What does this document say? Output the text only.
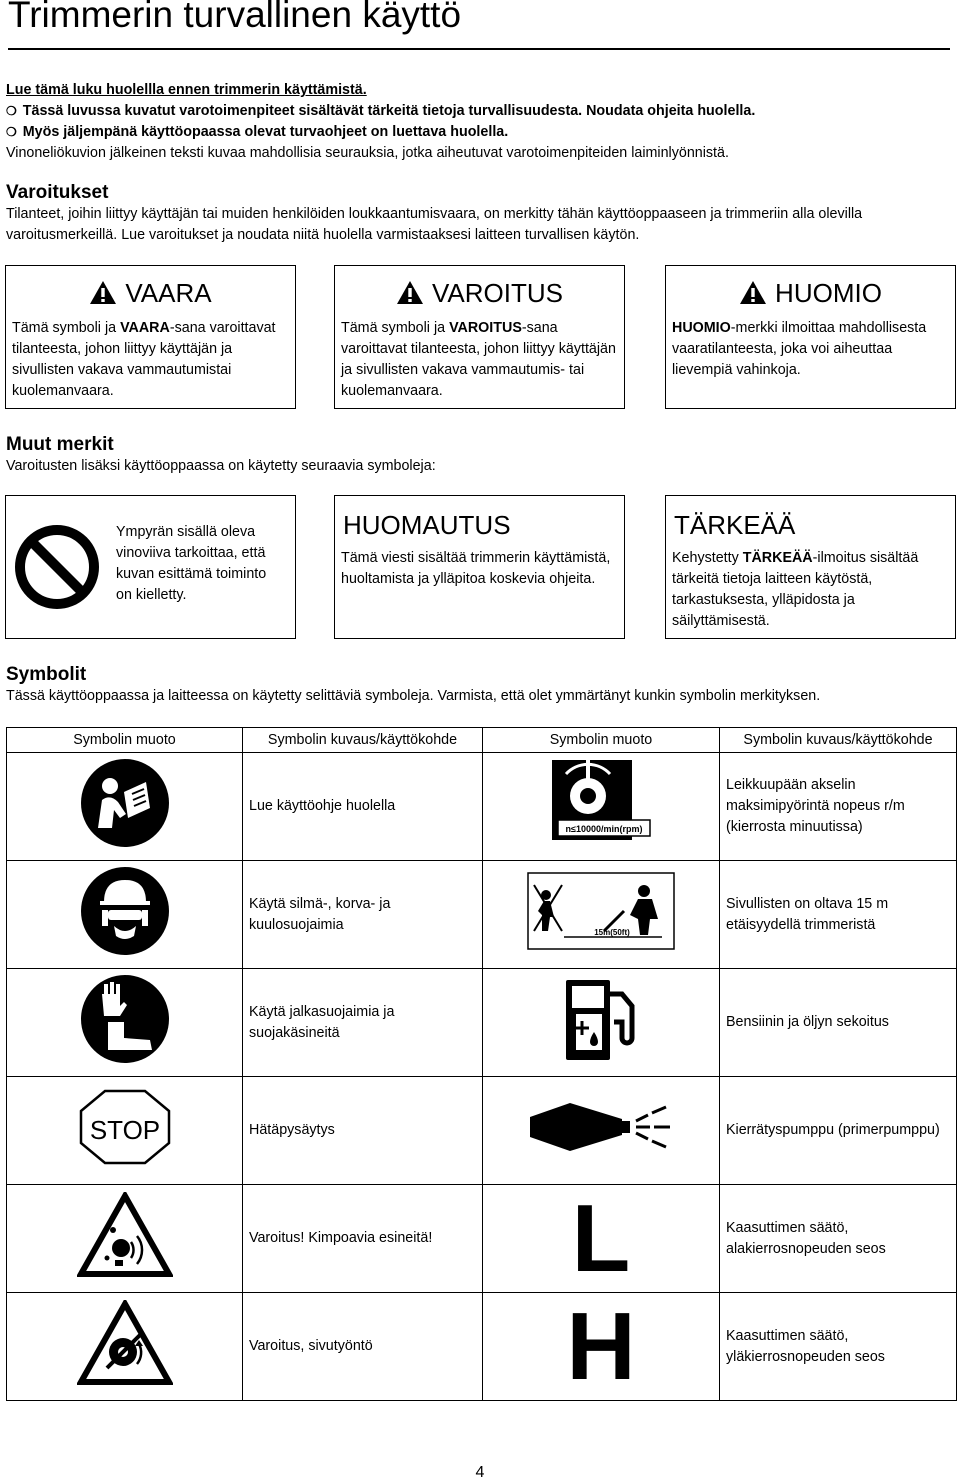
Trimmerin turvallinen käyttö
Lue tämä luku huolellla ennen trimmerin käyttämistä.
❍ Tässä luvussa kuvatut varotoimenpiteet sisältävät tärkeitä tietoja turvallisuudesta. Noudata ohjeita huolella.
❍ Myös jäljempänä käyttöopaassa olevat turvaohjeet on luettava huolella.
Vinoneliökuvion jälkeinen teksti kuvaa mahdollisia seurauksia, jotka aiheutuvat varotoimenpiteiden laiminlyönnistä.
Varoitukset
Tilanteet, joihin liittyy käyttäjän tai muiden henkilöiden loukkaantumisvaara, on merkitty tähän käyttöoppaaseen ja trimmeriin alla olevilla varoitusmerkeillä. Lue varoitukset ja noudata niitä huolella varmistaaksesi laitteen turvallisen käytön.
VAARA
Tämä symboli ja VAARA-sana varoittavat tilanteesta, johon liittyy käyttäjän ja sivullisten vakava vammautumistai kuolemanvaara.
VAROITUS
Tämä symboli ja VAROITUS-sana varoittavat tilanteesta, johon liittyy käyttäjän ja sivullisten vakava vammautumis- tai kuolemanvaara.
HUOMIO
HUOMIO-merkki ilmoittaa mahdollisesta vaaratilanteesta, joka voi aiheuttaa lievempiä vahinkoja.
Muut merkit
Varoitusten lisäksi käyttöoppaassa on käytetty seuraavia symboleja:
Ympyrän sisällä oleva vinoviiva tarkoittaa, että kuvan esittämä toiminto on kielletty.
HUOMAUTUS
Tämä viesti sisältää trimmerin käyttämistä, huoltamista ja ylläpitoa koskevia ohjeita.
TÄRKEÄÄ
Kehystetty TÄRKEÄÄ-ilmoitus sisältää tärkeitä tietoja laitteen käytöstä, tarkastuksesta, ylläpidosta ja säilyttämisestä.
Symbolit
Tässä käyttöoppaassa ja laitteessa on käytetty selittäviä symboleja. Varmista, että olet ymmärtänyt kunkin symbolin merkityksen.
Symbolin muoto	Symbolin kuvaus/käyttökohde	Symbolin muoto	Symbolin kuvaus/käyttökohde
	Lue käyttöohje huolella	n≤10000/min(rpm)	Leikkuupään akselin maksimipyörintä nopeus r/m (kierrosta minuutissa)
	Käytä silmä-, korva- ja kuulosuojaimia	15m(50ft)	Sivullisten on oltava 15 m etäisyydellä trimmeristä
	Käytä jalkasuojaimia ja suojakäsineitä		Bensiinin ja öljyn sekoitus

STOP	Hätäpysäytys		Kierrätyspumppu (primerpumppu)
	Varoitus! Kimpoavia esineitä!	L	Kaasuttimen säätö, alakierrosnopeuden seos
	Varoitus, sivutyöntö	H	Kaasuttimen säätö, yläkierrosnopeuden seos
4
